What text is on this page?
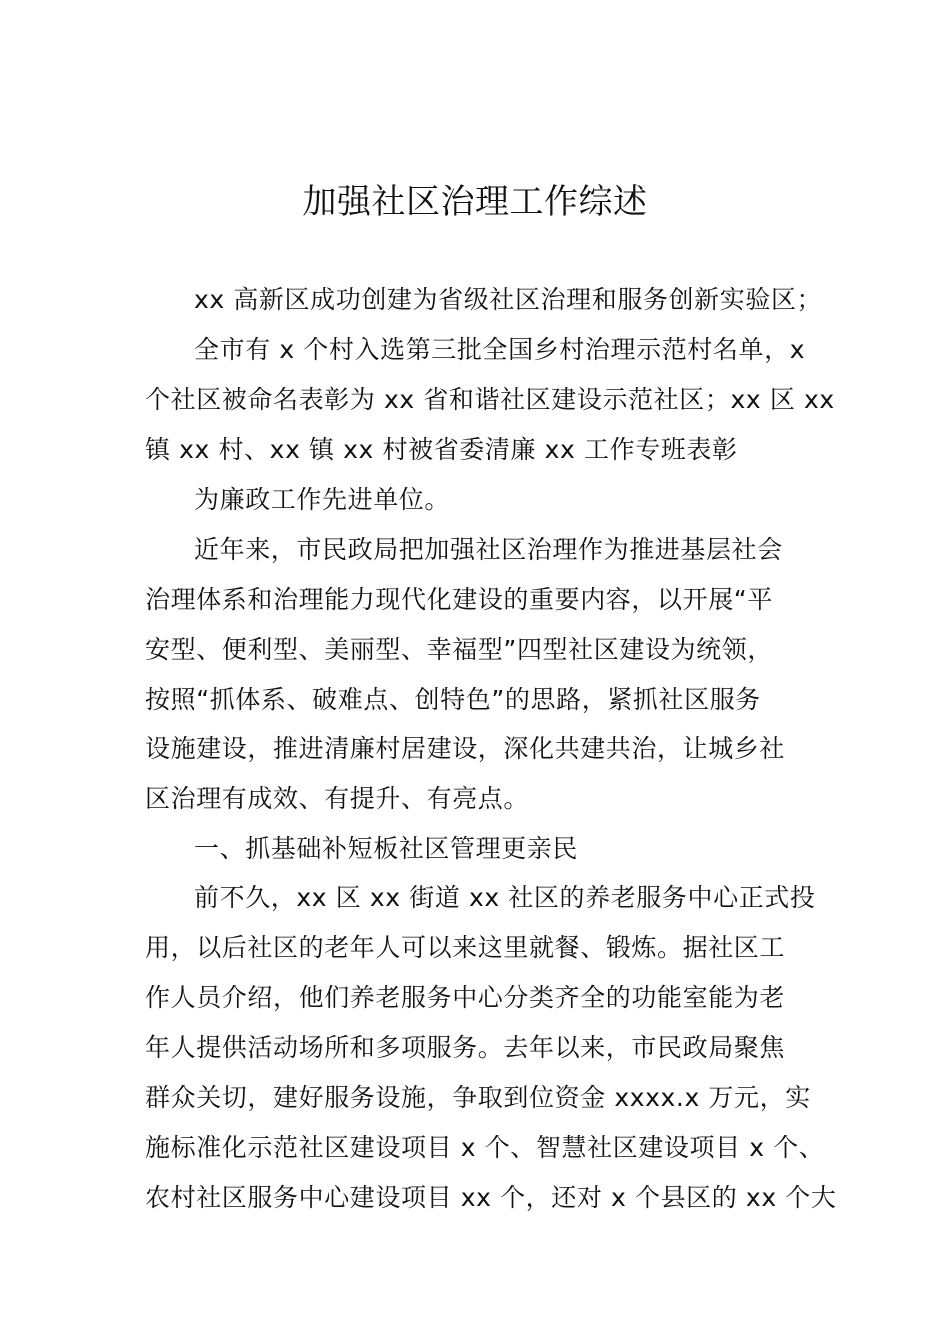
加强社区治理工作综述
xx 高新区成功创建为省级社区治理和服务创新实验区；
全市有 x 个村入选第三批全国乡村治理示范村名单，x
个社区被命名表彰为 xx 省和谐社区建设示范社区；xx 区 xx
镇 xx 村、xx 镇 xx 村被省委清廉 xx 工作专班表彰
为廉政工作先进单位。
近年来，市民政局把加强社区治理作为推进基层社会
治理体系和治理能力现代化建设的重要内容，以开展“平
安型、便利型、美丽型、幸福型”四型社区建设为统领，
按照“抓体系、破难点、创特色”的思路，紧抓社区服务
设施建设，推进清廉村居建设，深化共建共治，让城乡社
区治理有成效、有提升、有亮点。
一、抓基础补短板社区管理更亲民
前不久，xx 区 xx 街道 xx 社区的养老服务中心正式投
用，以后社区的老年人可以来这里就餐、锻炼。据社区工
作人员介绍，他们养老服务中心分类齐全的功能室能为老
年人提供活动场所和多项服务。去年以来，市民政局聚焦
群众关切，建好服务设施，争取到位资金 xxxx.x 万元，实
施标准化示范社区建设项目 x 个、智慧社区建设项目 x 个、
农村社区服务中心建设项目 xx 个，还对 x 个县区的 xx 个大
